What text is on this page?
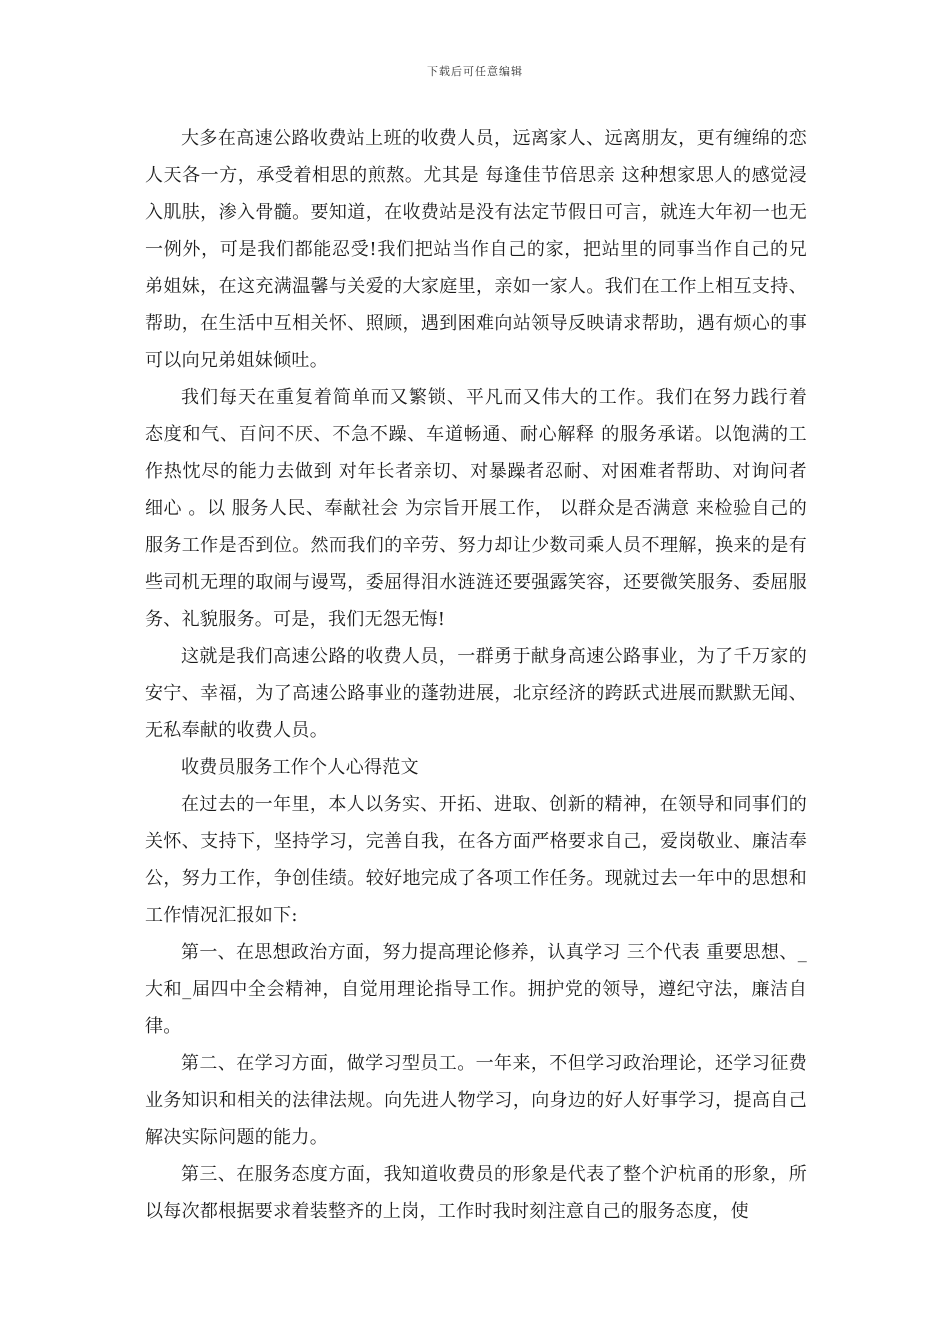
下载后可任意编辑

大多在高速公路收费站上班的收费人员，远离家人、远离朋友，更有缠绵的恋人天各一方，承受着相思的煎熬。尤其是 每逢佳节倍思亲 这种想家思人的感觉浸入肌肤，渗入骨髓。要知道，在收费站是没有法定节假日可言，就连大年初一也无一例外，可是我们都能忍受!我们把站当作自己的家，把站里的同事当作自己的兄弟姐妹，在这充满温馨与关爱的大家庭里，亲如一家人。我们在工作上相互支持、帮助，在生活中互相关怀、照顾，遇到困难向站领导反映请求帮助，遇有烦心的事可以向兄弟姐妹倾吐。

我们每天在重复着简单而又繁锁、平凡而又伟大的工作。我们在努力践行着 态度和气、百问不厌、不急不躁、车道畅通、耐心解释 的服务承诺。以饱满的工作热忱尽的能力去做到 对年长者亲切、对暴躁者忍耐、对困难者帮助、对询问者细心 。以 服务人民、奉献社会 为宗旨开展工作， 以群众是否满意 来检验自己的服务工作是否到位。然而我们的辛劳、努力却让少数司乘人员不理解，换来的是有些司机无理的取闹与谩骂，委屈得泪水涟涟还要强露笑容，还要微笑服务、委屈服务、礼貌服务。可是，我们无怨无悔!

这就是我们高速公路的收费人员，一群勇于献身高速公路事业，为了千万家的安宁、幸福，为了高速公路事业的蓬勃进展，北京经济的跨跃式进展而默默无闻、无私奉献的收费人员。

收费员服务工作个人心得范文

在过去的一年里，本人以务实、开拓、进取、创新的精神，在领导和同事们的关怀、支持下，坚持学习，完善自我，在各方面严格要求自己，爱岗敬业、廉洁奉公，努力工作，争创佳绩。较好地完成了各项工作任务。现就过去一年中的思想和工作情况汇报如下:

第一、在思想政治方面，努力提高理论修养，认真学习 三个代表 重要思想、_大和_届四中全会精神，自觉用理论指导工作。拥护党的领导，遵纪守法，廉洁自律。

第二、在学习方面，做学习型员工。一年来，不但学习政治理论，还学习征费业务知识和相关的法律法规。向先进人物学习，向身边的好人好事学习，提高自己解决实际问题的能力。

第三、在服务态度方面，我知道收费员的形象是代表了整个沪杭甬的形象，所以每次都根据要求着装整齐的上岗，工作时我时刻注意自己的服务态度，使
